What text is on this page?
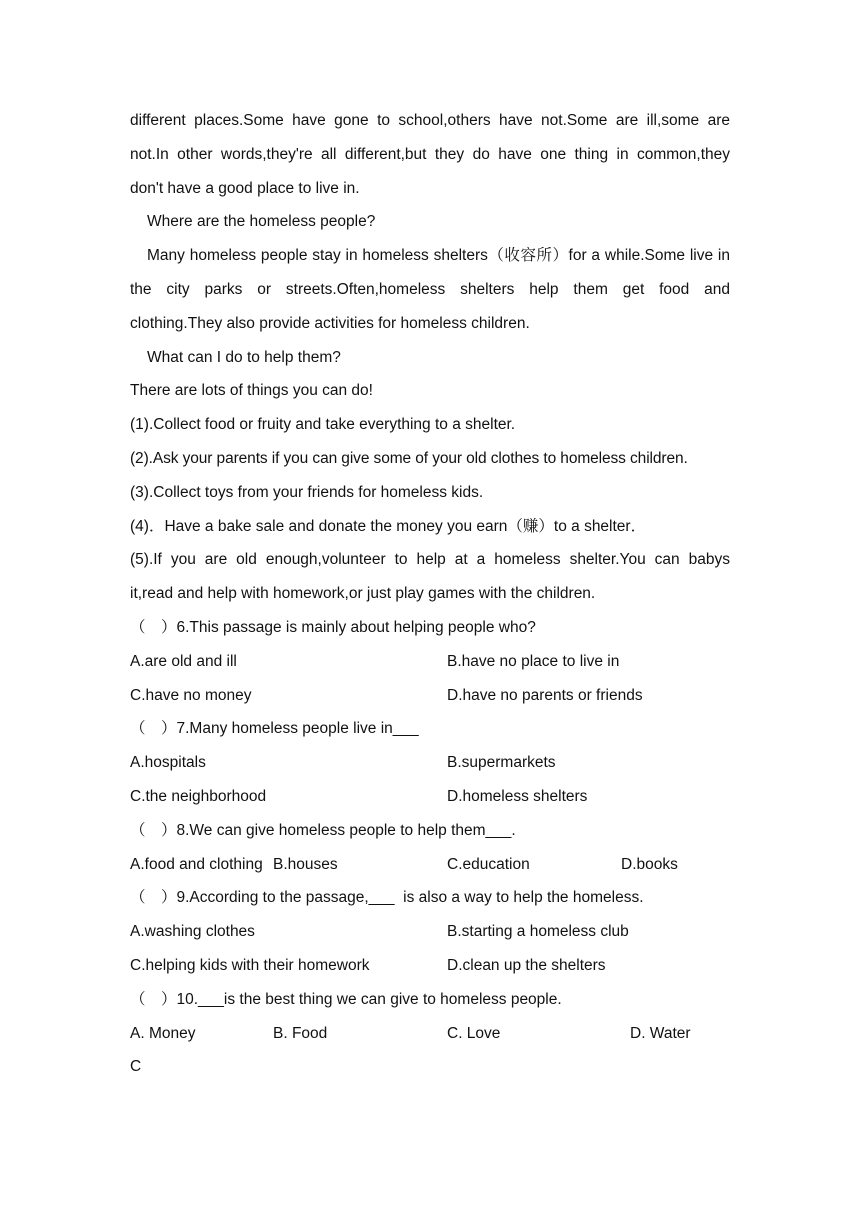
different places.Some have gone to school,others have not.Some are ill,some are

not.In other words,they're all different,but they do have one thing in common,they

don't have a good place to live in.

Where are the homeless people?

Many homeless people stay in homeless shelters（收容所）for a while.Some live in

the city parks or streets.Often,homeless shelters help them get food and

clothing.They also provide activities for homeless children.

What can I do to help them?

There are lots of things you can do!

(1).Collect food or fruity and take everything to a shelter.

(2).Ask your parents if you can give some of your old clothes to homeless children.

(3).Collect toys from your friends for homeless kids.

(4)．Have a bake sale and donate the money you earn（赚）to a shelter．

(5).If you are old enough,volunteer to help at a homeless shelter.You can babys

it,read and help with homework,or just play games with the children.

（　）6.This passage is mainly about helping people who?

A.are old and ill	B.have no place to live in
C.have no money	D.have no parents or friends

（　）7.Many homeless people live in___

A.hospitals	B.supermarkets
C.the neighborhood	D.homeless shelters

（　）8.We can give homeless people to help them___.

A.food and clothing B.houses	C.education	D.books

（　）9.According to the passage,___  is also a way to help the homeless.

A.washing clothes	B.starting a homeless club
C.helping kids with their homework	D.clean up the shelters

（　）10.___is the best thing we can give to homeless people.

A. Money	B. Food	C. Love	D. Water

C
